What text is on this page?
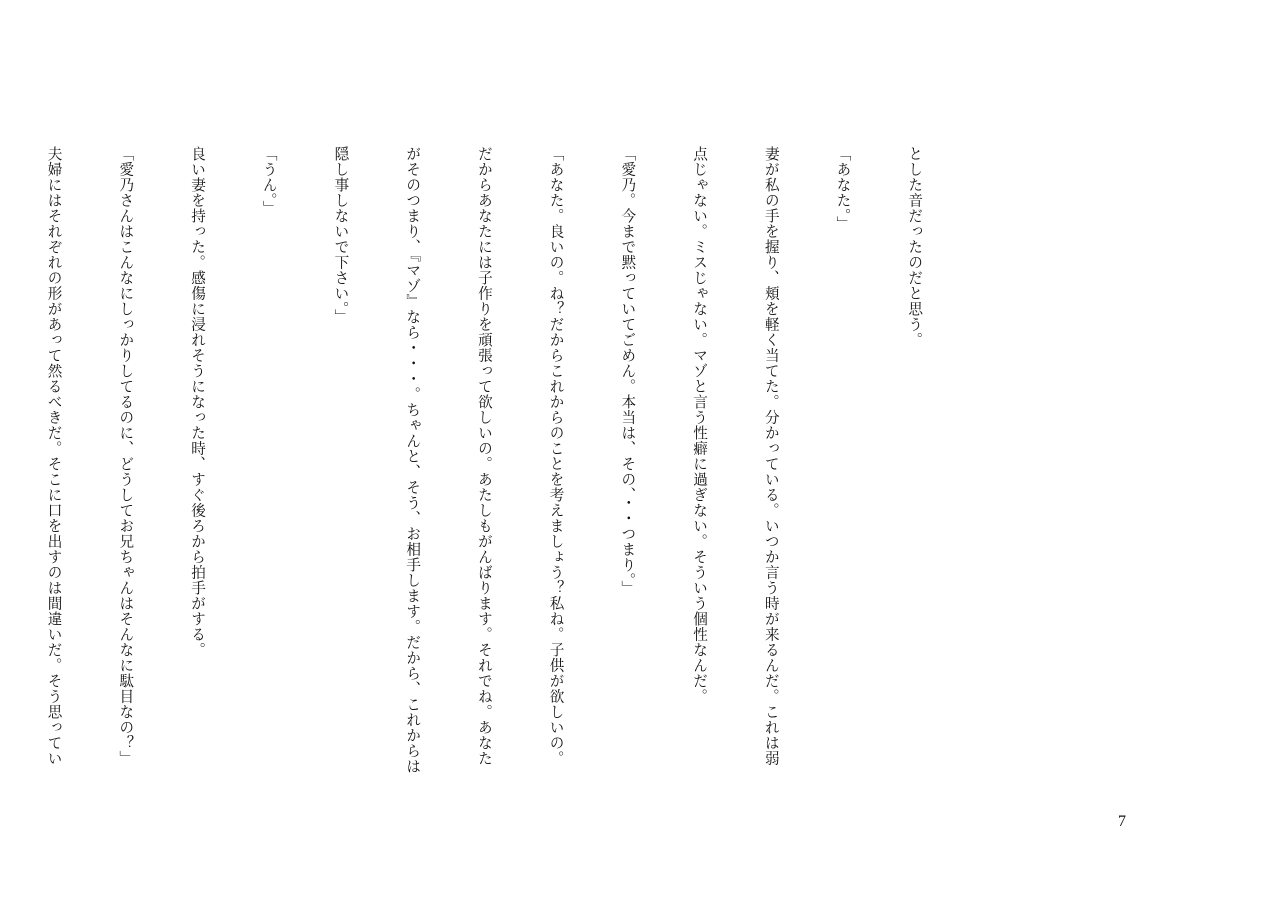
とした音だったのだと思う。

「あなた。」

妻が私の手を握り、頬を軽く当てた。分かっている。いつか言う時が来るんだ。これは弱

点じゃない。ミスじゃない。マゾと言う性癖に過ぎない。そういう個性なんだ。

「愛乃。今まで黙っていてごめん。本当は、その、・・つまり。」

「あなた。良いの。ね？だからこれからのことを考えましょう？私ね。子供が欲しいの。

だからあなたには子作りを頑張って欲しいの。あたしもがんばります。それでね。あなた

がそのつまり、『マゾ』なら・・・。ちゃんと、そう、お相手します。だから、これからは

隠し事しないで下さい。」

「うん。」

良い妻を持った。感傷に浸れそうになった時、すぐ後ろから拍手がする。

「愛乃さんはこんなにしっかりしてるのに、どうしてお兄ちゃんはそんなに駄目なの？」

夫婦にはそれぞれの形があって然るべきだ。そこに口を出すのは間違いだ。そう思ってい

7
